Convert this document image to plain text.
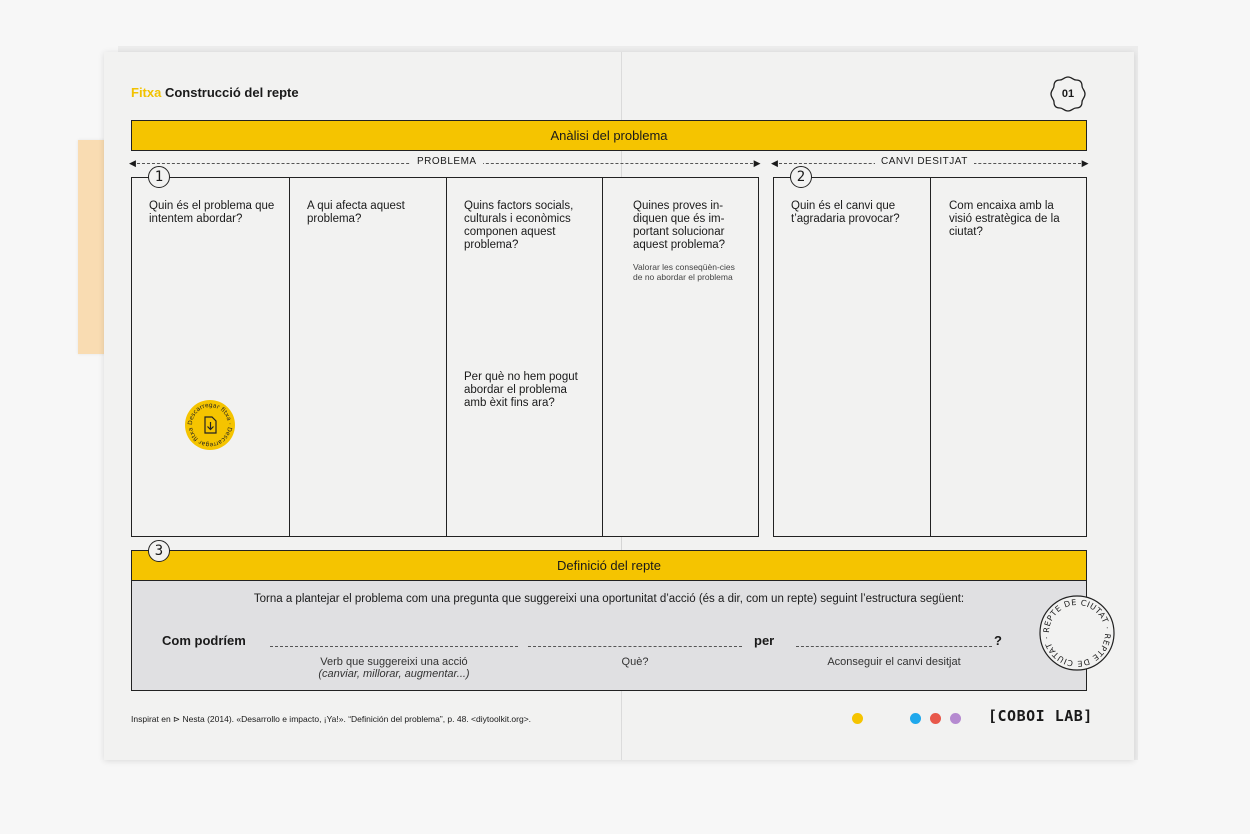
Fitxa Construcció del repte	01
Anàlisi del problema
◀	PROBLEMA	▶ ◀	CANVI DESITJAT	▶
Quin és el problema que intentem abordar?
A qui afecta aquest problema?
Quins factors socials, culturals i econòmics componen aquest problema?
Per què no hem pogut abordar el problema amb èxit fins ara?
Quines proves in-diquen que és im-portant solucionar aquest problema?
Valorar les conseqüèn-cies de no abordar el problema
Quin és el canvi que t’agradaria provocar?
Com encaixa amb la visió estratègica de la ciutat?
1	2
Descarregar fitxa · Descarregar fitxa
Definició del repte
3
Torna a plantejar el problema com una pregunta que suggereixi una oportunitat d’acció (és a dir, com un repte) seguint l’estructura següent:
Com podríem	per	?
Verb que suggereixi una acció
(canviar, millorar, augmentar...)
Què?	Aconseguir el canvi desitjat
REPTE DE CIUTAT · REPTE DE CIUTAT ·
Inspirat en ⊳ Nesta (2014). «Desarrollo e impacto, ¡Ya!». “Definición del problema”, p. 48. <diytoolkit.org>.	[COBOI LAB]
